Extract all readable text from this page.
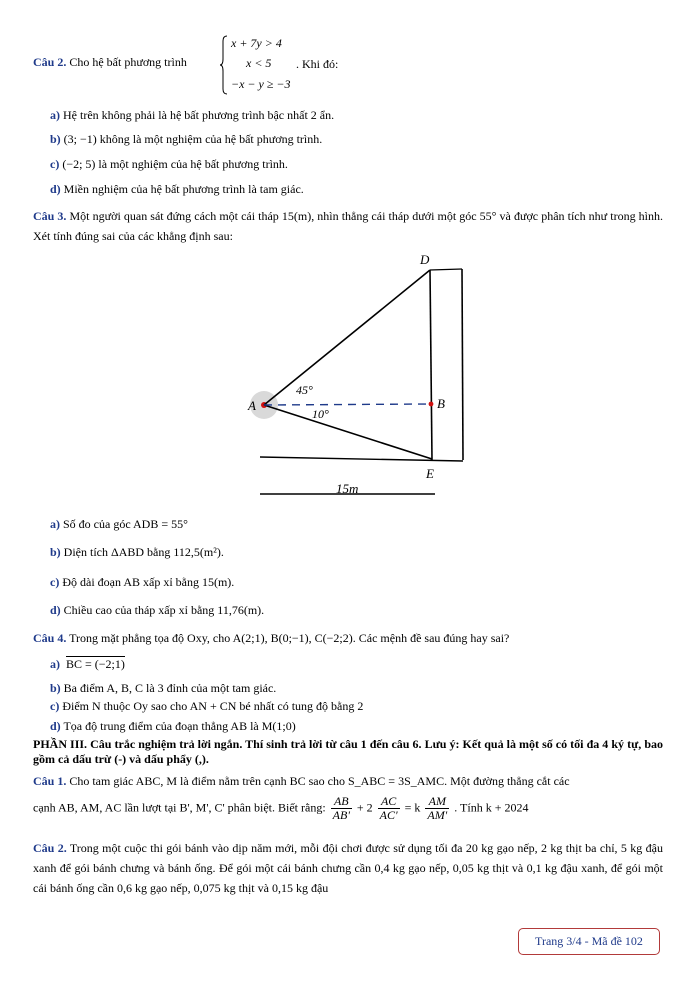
Câu 2. Cho hệ bất phương trình
x + 7y > 4
x < 5
−x − y ≥ −3
. Khi đó:
a) Hệ trên không phải là hệ bất phương trình bậc nhất 2 ẩn.
b) (3; −1) không là một nghiệm của hệ bất phương trình.
c) (−2; 5) là một nghiệm của hệ bất phương trình.
d) Miền nghiệm của hệ bất phương trình là tam giác.
Câu 3. Một người quan sát đứng cách một cái tháp 15(m), nhìn thẳng cái tháp dưới một góc 55° và được phân tích như trong hình. Xét tính đúng sai của các khẳng định sau:
D
A	B
E
45°
10°
15m
a) Số đo của góc ADB = 55°
b) Diện tích ΔABD bằng 112,5(m²).
c) Độ dài đoạn AB xấp xỉ bằng 15(m).
d) Chiều cao của tháp xấp xỉ bằng 11,76(m).
Câu 4. Trong mặt phẳng tọa độ Oxy, cho A(2;1), B(0;−1), C(−2;2). Các mệnh đề sau đúng hay sai?
a) BC = (−2;1)
b) Ba điểm A, B, C là 3 đỉnh của một tam giác.
c) Điểm N thuộc Oy sao cho AN + CN bé nhất có tung độ bằng 2
d) Tọa độ trung điểm của đoạn thẳng AB là M(1;0)
PHẦN III. Câu trắc nghiệm trả lời ngắn. Thí sinh trả lời từ câu 1 đến câu 6. Lưu ý: Kết quả là một số có tối đa 4 ký tự, bao gồm cả dấu trừ (-) và dấu phẩy (,).
Câu 1. Cho tam giác ABC, M là điểm nằm trên cạnh BC sao cho S_ABC = 3S_AMC. Một đường thẳng cắt các
cạnh AB, AM, AC lần lượt tại B', M', C' phân biệt. Biết rằng: $\frac{AB}{AB'} + 2 \frac{AC}{AC'} = k \frac{AM}{AM'}$ . Tính k + 2024
Câu 2. Trong một cuộc thi gói bánh vào dịp năm mới, mỗi đội chơi được sử dụng tối đa 20 kg gạo nếp, 2 kg thịt ba chỉ, 5 kg đậu xanh để gói bánh chưng và bánh ống. Để gói một cái bánh chưng cần 0,4 kg gạo nếp, 0,05 kg thịt và 0,1 kg đậu xanh, để gói một cái bánh ống cần 0,6 kg gạo nếp, 0,075 kg thịt và 0,15 kg đậu
Trang 3/4 - Mã đề 102
